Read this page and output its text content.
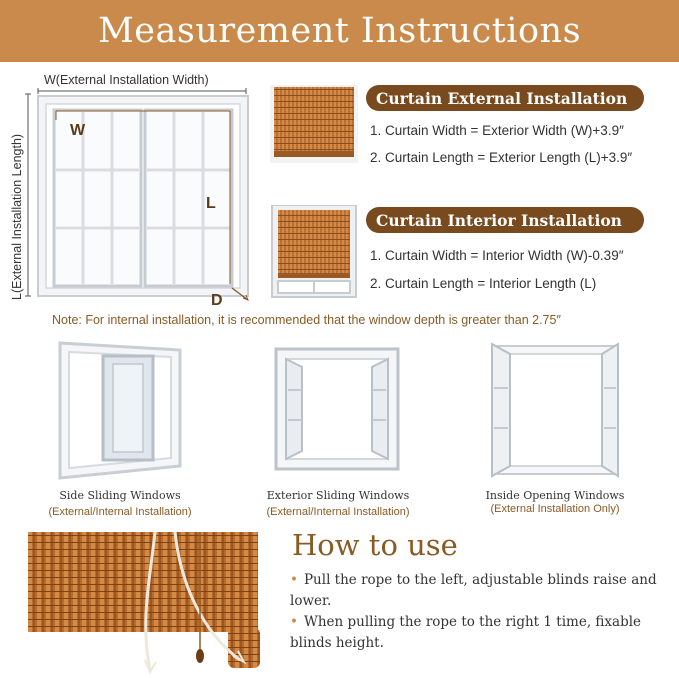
Measurement Instructions
W(External Installation Width)
L(External Installation Length)
W
L
D
Curtain External Installation
1. Curtain Width = Exterior Width (W)+3.9″
2. Curtain Length = Exterior Length (L)+3.9″
Curtain Interior Installation
1. Curtain Width = Interior Width (W)-0.39″
2. Curtain Length = Interior Length (L)
Note: For internal installation, it is recommended that the window depth is greater than 2.75″
Side Sliding Windows
(External/Internal Installation)
Exterior Sliding Windows
(External/Internal Installation)
Inside Opening Windows
(External Installation Only)
How to use
• Pull the rope to the left, adjustable blinds raise and lower.
• When pulling the rope to the right 1 time, fixable blinds height.
